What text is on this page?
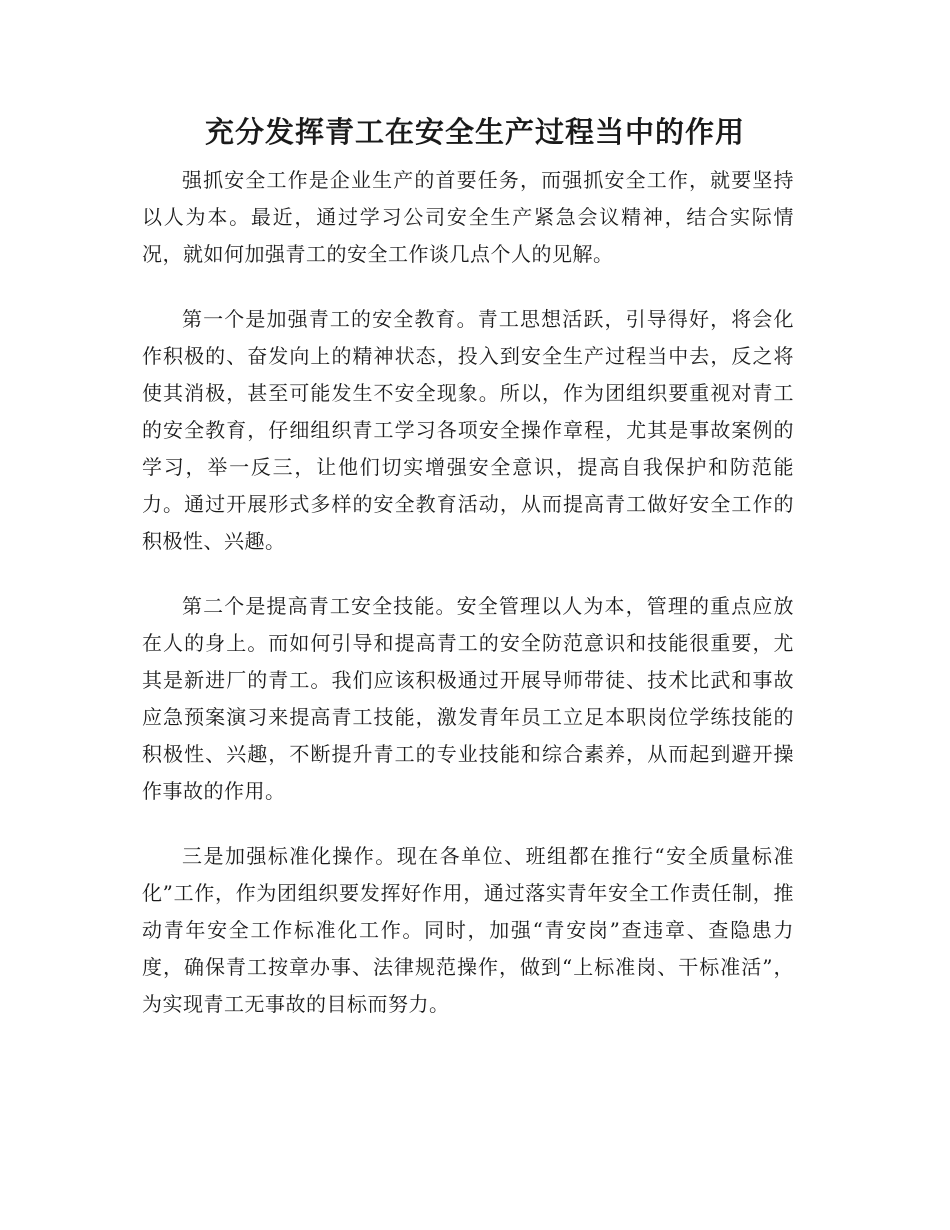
充分发挥青工在安全生产过程当中的作用

强抓安全工作是企业生产的首要任务，而强抓安全工作，就要坚持以人为本。最近，通过学习公司安全生产紧急会议精神，结合实际情况，就如何加强青工的安全工作谈几点个人的见解。

第一个是加强青工的安全教育。青工思想活跃，引导得好，将会化作积极的、奋发向上的精神状态，投入到安全生产过程当中去，反之将使其消极，甚至可能发生不安全现象。所以，作为团组织要重视对青工的安全教育，仔细组织青工学习各项安全操作章程，尤其是事故案例的学习，举一反三，让他们切实增强安全意识，提高自我保护和防范能力。通过开展形式多样的安全教育活动，从而提高青工做好安全工作的积极性、兴趣。

第二个是提高青工安全技能。安全管理以人为本，管理的重点应放在人的身上。而如何引导和提高青工的安全防范意识和技能很重要，尤其是新进厂的青工。我们应该积极通过开展导师带徒、技术比武和事故应急预案演习来提高青工技能，激发青年员工立足本职岗位学练技能的积极性、兴趣，不断提升青工的专业技能和综合素养，从而起到避开操作事故的作用。

三是加强标准化操作。现在各单位、班组都在推行“安全质量标准化”工作，作为团组织要发挥好作用，通过落实青年安全工作责任制，推动青年安全工作标准化工作。同时，加强“青安岗”查违章、查隐患力度，确保青工按章办事、法律规范操作，做到“上标准岗、干标准活”，为实现青工无事故的目标而努力。
